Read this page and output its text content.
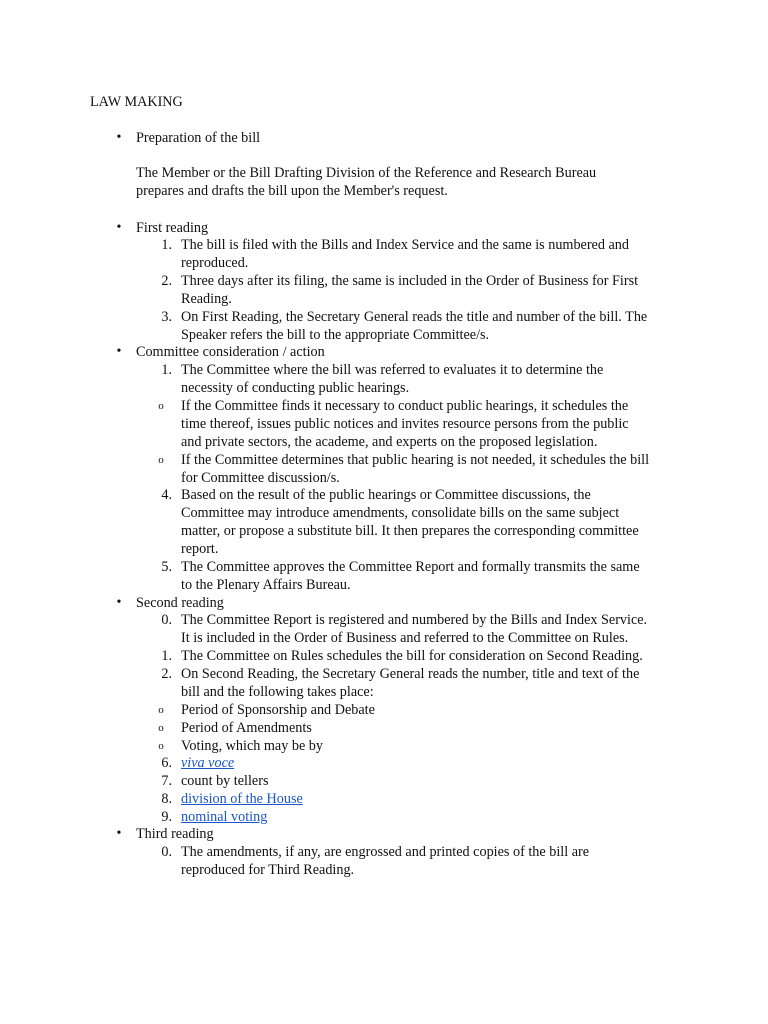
LAW MAKING
• Preparation of the bill
The Member or the Bill Drafting Division of the Reference and Research Bureau
prepares and drafts the bill upon the Member's request.
• First reading
1. The bill is filed with the Bills and Index Service and the same is numbered and
reproduced.
2. Three days after its filing, the same is included in the Order of Business for First
Reading.
3. On First Reading, the Secretary General reads the title and number of the bill. The
Speaker refers the bill to the appropriate Committee/s.
• Committee consideration / action
1. The Committee where the bill was referred to evaluates it to determine the
necessity of conducting public hearings.
o If the Committee finds it necessary to conduct public hearings, it schedules the
time thereof, issues public notices and invites resource persons from the public
and private sectors, the academe, and experts on the proposed legislation.
o If the Committee determines that public hearing is not needed, it schedules the bill
for Committee discussion/s.
4. Based on the result of the public hearings or Committee discussions, the
Committee may introduce amendments, consolidate bills on the same subject
matter, or propose a substitute bill. It then prepares the corresponding committee
report.
5. The Committee approves the Committee Report and formally transmits the same
to the Plenary Affairs Bureau.
• Second reading
0. The Committee Report is registered and numbered by the Bills and Index Service.
It is included in the Order of Business and referred to the Committee on Rules.
1. The Committee on Rules schedules the bill for consideration on Second Reading.
2. On Second Reading, the Secretary General reads the number, title and text of the
bill and the following takes place:
o Period of Sponsorship and Debate
o Period of Amendments
o Voting, which may be by
6. viva voce
7. count by tellers
8. division of the House
9. nominal voting
• Third reading
0. The amendments, if any, are engrossed and printed copies of the bill are
reproduced for Third Reading.
